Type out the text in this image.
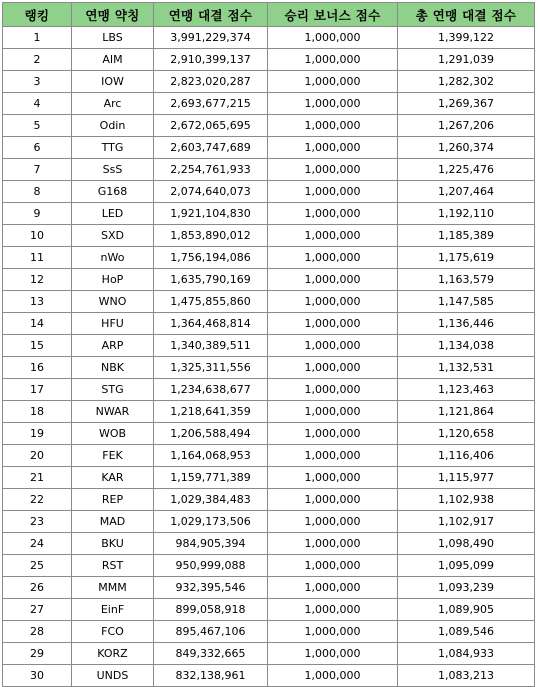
랭킹	연맹 약칭	연맹 대결 점수	승리 보너스 점수	총 연맹 대결 점수
1	LBS	3,991,229,374	1,000,000	1,399,122
2	AIM	2,910,399,137	1,000,000	1,291,039
3	IOW	2,823,020,287	1,000,000	1,282,302
4	Arc	2,693,677,215	1,000,000	1,269,367
5	Odin	2,672,065,695	1,000,000	1,267,206
6	TTG	2,603,747,689	1,000,000	1,260,374
7	SsS	2,254,761,933	1,000,000	1,225,476
8	G168	2,074,640,073	1,000,000	1,207,464
9	LED	1,921,104,830	1,000,000	1,192,110
10	SXD	1,853,890,012	1,000,000	1,185,389
11	nWo	1,756,194,086	1,000,000	1,175,619
12	HoP	1,635,790,169	1,000,000	1,163,579
13	WNO	1,475,855,860	1,000,000	1,147,585
14	HFU	1,364,468,814	1,000,000	1,136,446
15	ARP	1,340,389,511	1,000,000	1,134,038
16	NBK	1,325,311,556	1,000,000	1,132,531
17	STG	1,234,638,677	1,000,000	1,123,463
18	NWAR	1,218,641,359	1,000,000	1,121,864
19	WOB	1,206,588,494	1,000,000	1,120,658
20	FEK	1,164,068,953	1,000,000	1,116,406
21	KAR	1,159,771,389	1,000,000	1,115,977
22	REP	1,029,384,483	1,000,000	1,102,938
23	MAD	1,029,173,506	1,000,000	1,102,917
24	BKU	984,905,394	1,000,000	1,098,490
25	RST	950,999,088	1,000,000	1,095,099
26	MMM	932,395,546	1,000,000	1,093,239
27	EinF	899,058,918	1,000,000	1,089,905
28	FCO	895,467,106	1,000,000	1,089,546
29	KORZ	849,332,665	1,000,000	1,084,933
30	UNDS	832,138,961	1,000,000	1,083,213
